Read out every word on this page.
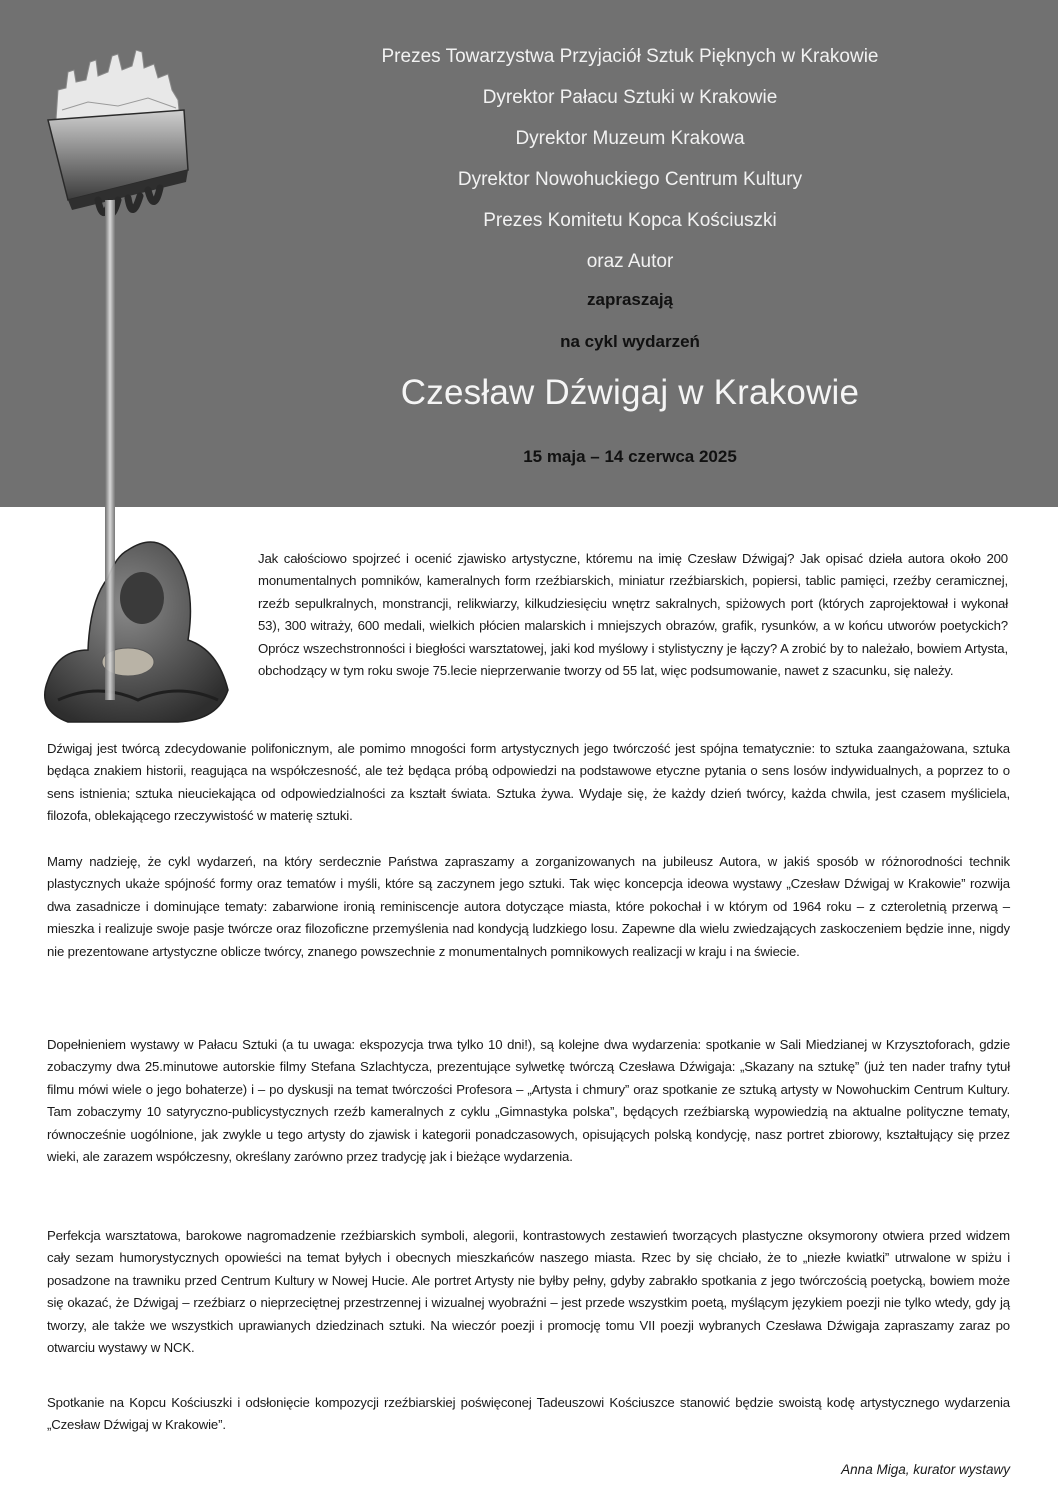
Prezes Towarzystwa Przyjaciół Sztuk Pięknych w Krakowie
Dyrektor Pałacu Sztuki w Krakowie
Dyrektor Muzeum Krakowa
Dyrektor Nowohuckiego Centrum Kultury
Prezes Komitetu Kopca Kościuszki
oraz Autor
zapraszają
na cykl wydarzeń
Czesław Dźwigaj w Krakowie
15 maja – 14 czerwca 2025

Jak całościowo spojrzeć i ocenić zjawisko artystyczne, któremu na imię Czesław Dźwigaj? Jak opisać dzieła autora około 200 monumentalnych pomników, kameralnych form rzeźbiarskich, miniatur rzeźbiarskich, popiersi, tablic pamięci, rzeźby ceramicznej, rzeźb sepulkralnych, monstrancji, relikwiarzy, kilkudziesięciu wnętrz sakralnych, spiżowych port (których zaprojektował i wykonał 53), 300 witraży, 600 medali, wielkich płócien malarskich i mniejszych obrazów, grafik, rysunków, a w końcu utworów poetyckich? Oprócz wszechstronności i biegłości warsztatowej, jaki kod myślowy i stylistyczny je łączy? A zrobić by to należało, bowiem Artysta, obchodzący w tym roku swoje 75.lecie nieprzerwanie tworzy od 55 lat, więc podsumowanie, nawet z szacunku, się należy.

Dźwigaj jest twórcą zdecydowanie polifonicznym, ale pomimo mnogości form artystycznych jego twórczość jest spójna tematycznie: to sztuka zaangażowana, sztuka będąca znakiem historii, reagująca na współczesność, ale też będąca próbą odpowiedzi na podstawowe etyczne pytania o sens losów indywidualnych, a poprzez to o sens istnienia; sztuka nieuciekająca od odpowiedzialności za kształt świata. Sztuka żywa. Wydaje się, że każdy dzień twórcy, każda chwila, jest czasem myśliciela, filozofa, oblekającego rzeczywistość w materię sztuki.

Mamy nadzieję, że cykl wydarzeń, na który serdecznie Państwa zapraszamy a zorganizowanych na jubileusz Autora, w jakiś sposób w różnorodności technik plastycznych ukaże spójność formy oraz tematów i myśli, które są zaczynem jego sztuki. Tak więc koncepcja ideowa wystawy „Czesław Dźwigaj w Krakowie” rozwija dwa zasadnicze i dominujące tematy: zabarwione ironią reminiscencje autora dotyczące miasta, które pokochał i w którym od 1964 roku – z czteroletnią przerwą – mieszka i realizuje swoje pasje twórcze oraz filozoficzne przemyślenia nad kondycją ludzkiego losu. Zapewne dla wielu zwiedzających zaskoczeniem będzie inne, nigdy nie prezentowane artystyczne oblicze twórcy, znanego powszechnie z monumentalnych pomnikowych realizacji w kraju i na świecie.

Dopełnieniem wystawy w Pałacu Sztuki (a tu uwaga: ekspozycja trwa tylko 10 dni!), są kolejne dwa wydarzenia: spotkanie w Sali Miedzianej w Krzysztoforach, gdzie zobaczymy dwa 25.minutowe autorskie filmy Stefana Szlachtycza, prezentujące sylwetkę twórczą Czesława Dźwigaja: „Skazany na sztukę” (już ten nader trafny tytuł filmu mówi wiele o jego bohaterze) i – po dyskusji na temat twórczości Profesora – „Artysta i chmury” oraz spotkanie ze sztuką artysty w Nowohuckim Centrum Kultury. Tam zobaczymy 10 satyryczno-publicystycznych rzeźb kameralnych z cyklu „Gimnastyka polska”, będących rzeźbiarską wypowiedzią na aktualne polityczne tematy, równocześnie uogólnione, jak zwykle u tego artysty do zjawisk i kategorii ponadczasowych, opisujących polską kondycję, nasz portret zbiorowy, kształtujący się przez wieki, ale zarazem współczesny, określany zarówno przez tradycję jak i bieżące wydarzenia.

Perfekcja warsztatowa, barokowe nagromadzenie rzeźbiarskich symboli, alegorii, kontrastowych zestawień tworzących plastyczne oksymorony otwiera przed widzem cały sezam humorystycznych opowieści na temat byłych i obecnych mieszkańców naszego miasta. Rzec by się chciało, że to „niezłe kwiatki” utrwalone w spiżu i posadzone na trawniku przed Centrum Kultury w Nowej Hucie. Ale portret Artysty nie byłby pełny, gdyby zabrakło spotkania z jego twórczością poetycką, bowiem może się okazać, że Dźwigaj – rzeźbiarz o nieprzeciętnej przestrzennej i wizualnej wyobraźni – jest przede wszystkim poetą, myślącym językiem poezji nie tylko wtedy, gdy ją tworzy, ale także we wszystkich uprawianych dziedzinach sztuki. Na wieczór poezji i promocję tomu VII poezji wybranych Czesława Dźwigaja zapraszamy zaraz po otwarciu wystawy w NCK.

Spotkanie na Kopcu Kościuszki i odsłonięcie kompozycji rzeźbiarskiej poświęconej Tadeuszowi Kościuszce stanowić będzie swoistą kodę artystycznego wydarzenia „Czesław Dźwigaj w Krakowie”.

Anna Miga, kurator wystawy
